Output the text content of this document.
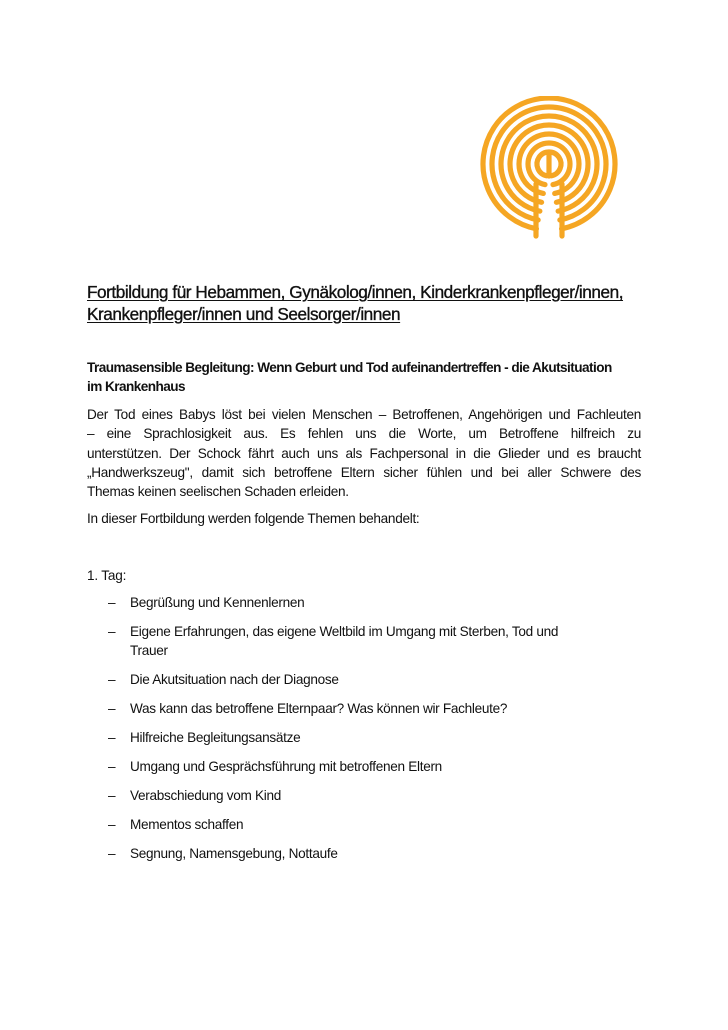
Fortbildung für Hebammen, Gynäkolog/innen, Kinderkrankenpfleger/innen,
Krankenpfleger/innen und Seelsorger/innen
Traumasensible Begleitung: Wenn Geburt und Tod aufeinandertreffen - die Akutsituation
im Krankenhaus

Der Tod eines Babys löst bei vielen Menschen – Betroffenen, Angehörigen und Fachleuten
– eine Sprachlosigkeit aus. Es fehlen uns die Worte, um Betroffene hilfreich zu
unterstützen. Der Schock fährt auch uns als Fachpersonal in die Glieder und es braucht
„Handwerkszeug", damit sich betroffene Eltern sicher fühlen und bei aller Schwere des
Themas keinen seelischen Schaden erleiden.

In dieser Fortbildung werden folgende Themen behandelt:

1. Tag:

– Begrüßung und Kennenlernen
– Eigene Erfahrungen, das eigene Weltbild im Umgang mit Sterben, Tod und
Trauer
– Die Akutsituation nach der Diagnose
– Was kann das betroffene Elternpaar? Was können wir Fachleute?
– Hilfreiche Begleitungsansätze
– Umgang und Gesprächsführung mit betroffenen Eltern
– Verabschiedung vom Kind
– Mementos schaffen
– Segnung, Namensgebung, Nottaufe
